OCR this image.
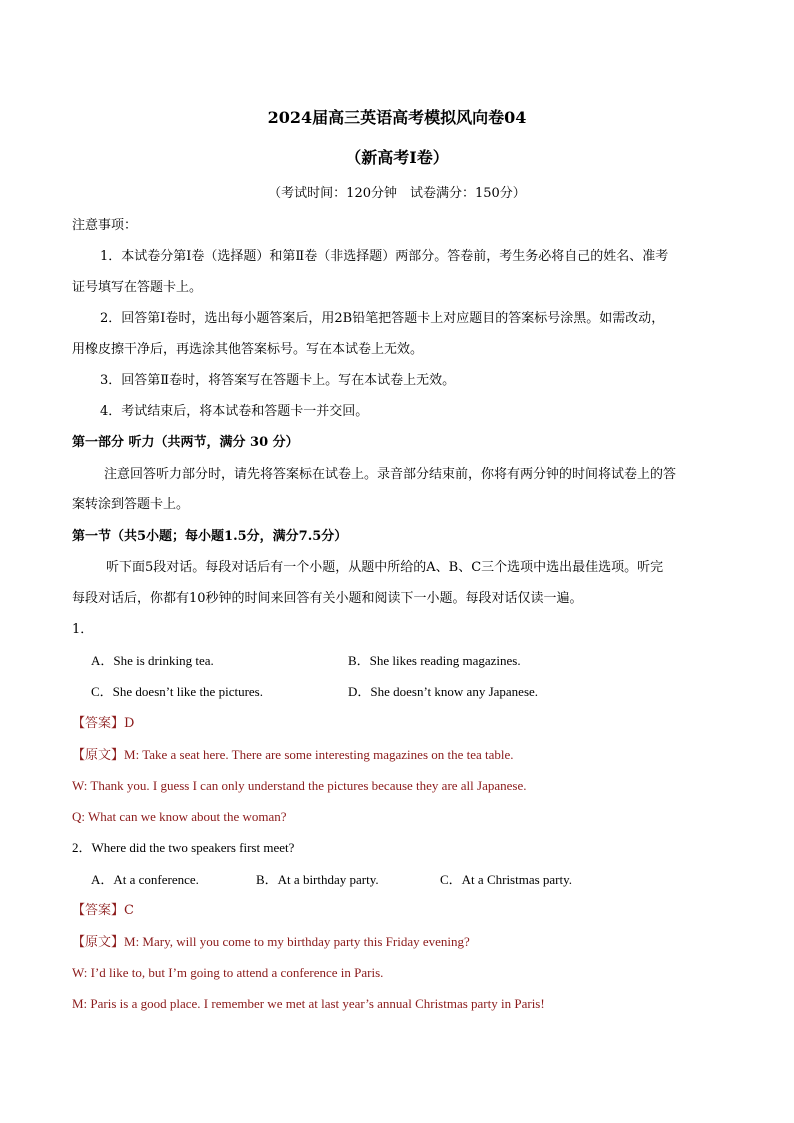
2024届高三英语高考模拟风向卷04
（新高考Ⅰ卷）
（考试时间：120分钟　试卷满分：150分）
注意事项：
1．本试卷分第Ⅰ卷（选择题）和第Ⅱ卷（非选择题）两部分。答卷前，考生务必将自己的姓名、准考
证号填写在答题卡上。
2．回答第Ⅰ卷时，选出每小题答案后，用2B铅笔把答题卡上对应题目的答案标号涂黑。如需改动，
用橡皮擦干净后，再选涂其他答案标号。写在本试卷上无效。
3．回答第Ⅱ卷时，将答案写在答题卡上。写在本试卷上无效。
4．考试结束后，将本试卷和答题卡一并交回。
第一部分 听力（共两节，满分 30 分）
注意回答听力部分时，请先将答案标在试卷上。录音部分结束前，你将有两分钟的时间将试卷上的答
案转涂到答题卡上。
第一节（共5小题；每小题1.5分，满分7.5分）
听下面5段对话。每段对话后有一个小题，从题中所给的A、B、C三个选项中选出最佳选项。听完
每段对话后，你都有10秒钟的时间来回答有关小题和阅读下一小题。每段对话仅读一遍。
1．
A．She is drinking tea.	B．She likes reading magazines.
C．She doesn’t like the pictures.	D．She doesn’t know any Japanese.
【答案】D
【原文】M: Take a seat here. There are some interesting magazines on the tea table.
W: Thank you. I guess I can only understand the pictures because they are all Japanese.
Q: What can we know about the woman?
2．Where did the two speakers first meet?
A．At a conference.	B．At a birthday party.	C．At a Christmas party.
【答案】C
【原文】M: Mary, will you come to my birthday party this Friday evening?
W: I’d like to, but I’m going to attend a conference in Paris.
M: Paris is a good place. I remember we met at last year’s annual Christmas party in Paris!
